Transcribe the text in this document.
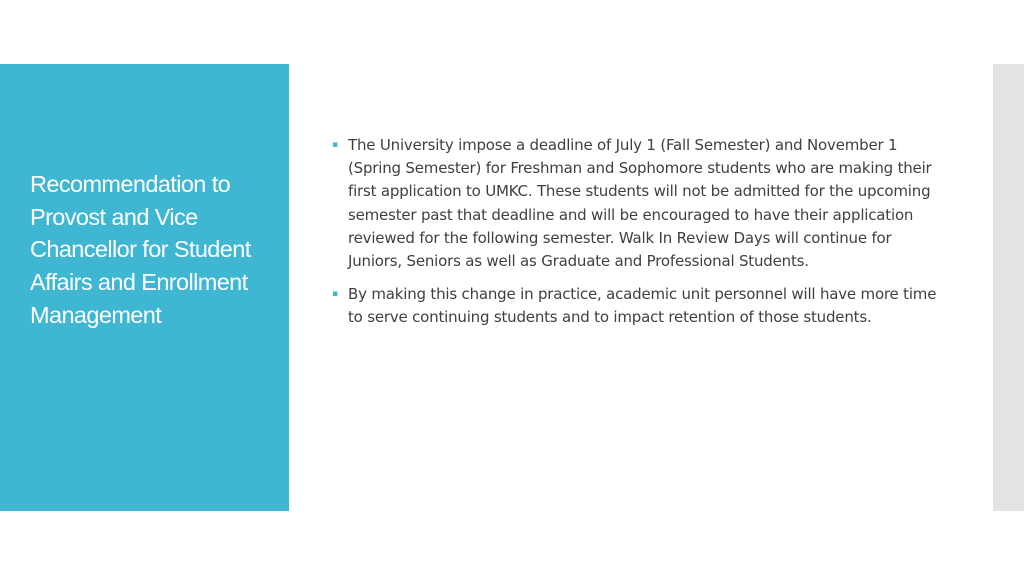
Recommendation to Provost and Vice Chancellor for Student Affairs and Enrollment Management
▪ The University impose a deadline of July 1 (Fall Semester) and November 1 (Spring Semester) for Freshman and Sophomore students who are making their first application to UMKC. These students will not be admitted for the upcoming semester past that deadline and will be encouraged to have their application reviewed for the following semester. Walk In Review Days will continue for Juniors, Seniors as well as Graduate and Professional Students.
▪ By making this change in practice, academic unit personnel will have more time to serve continuing students and to impact retention of those students.
